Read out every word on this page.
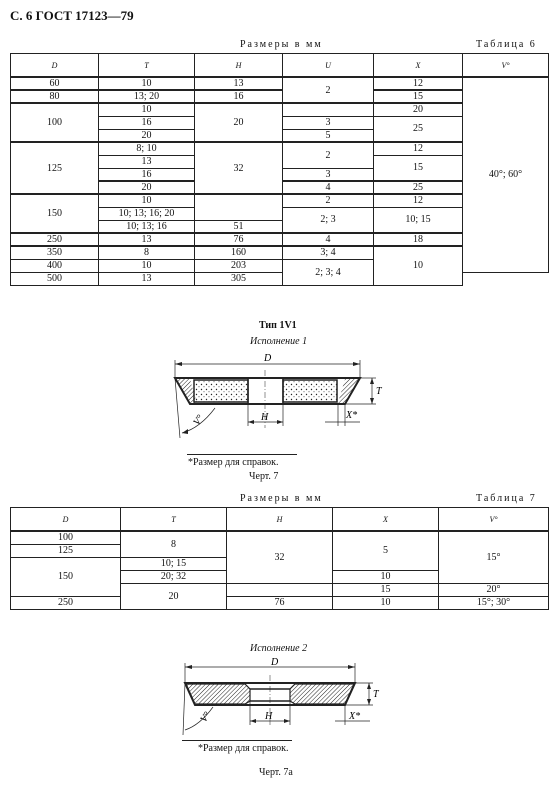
С. 6 ГОСТ 17123—79
Размеры в мм	Таблица 6
D	T	H	U	X	V°
60	10	13	2	12	40°; 60°
80	13; 20	16		15	
100	10	20		20	
	16		3	25	
	20		5		
125	8; 10	32	2	12	
	13			15	
	16		3		
	20		4	25	
150	10		2	12	
	10; 13; 16; 20		2; 3	10; 15	
	10; 13; 16	51			
250	13	76	4	18	
350	8	160	3; 4	10	
400	10	203	2; 3; 4		
500	13	305			
Тип 1V1
Исполнение 1
D
T
H	X*
V°
*Размер для справок.
Черт. 7
Размеры в мм	Таблица 7
D	T	H	X	V°
100	8	32	5	15°
125				
150	10; 15			
	20; 32		10	
	20		15	20°
250		76	10	15°; 30°
Исполнение 2
D
T
H	X*
V°
*Размер для справок.
Черт. 7а
